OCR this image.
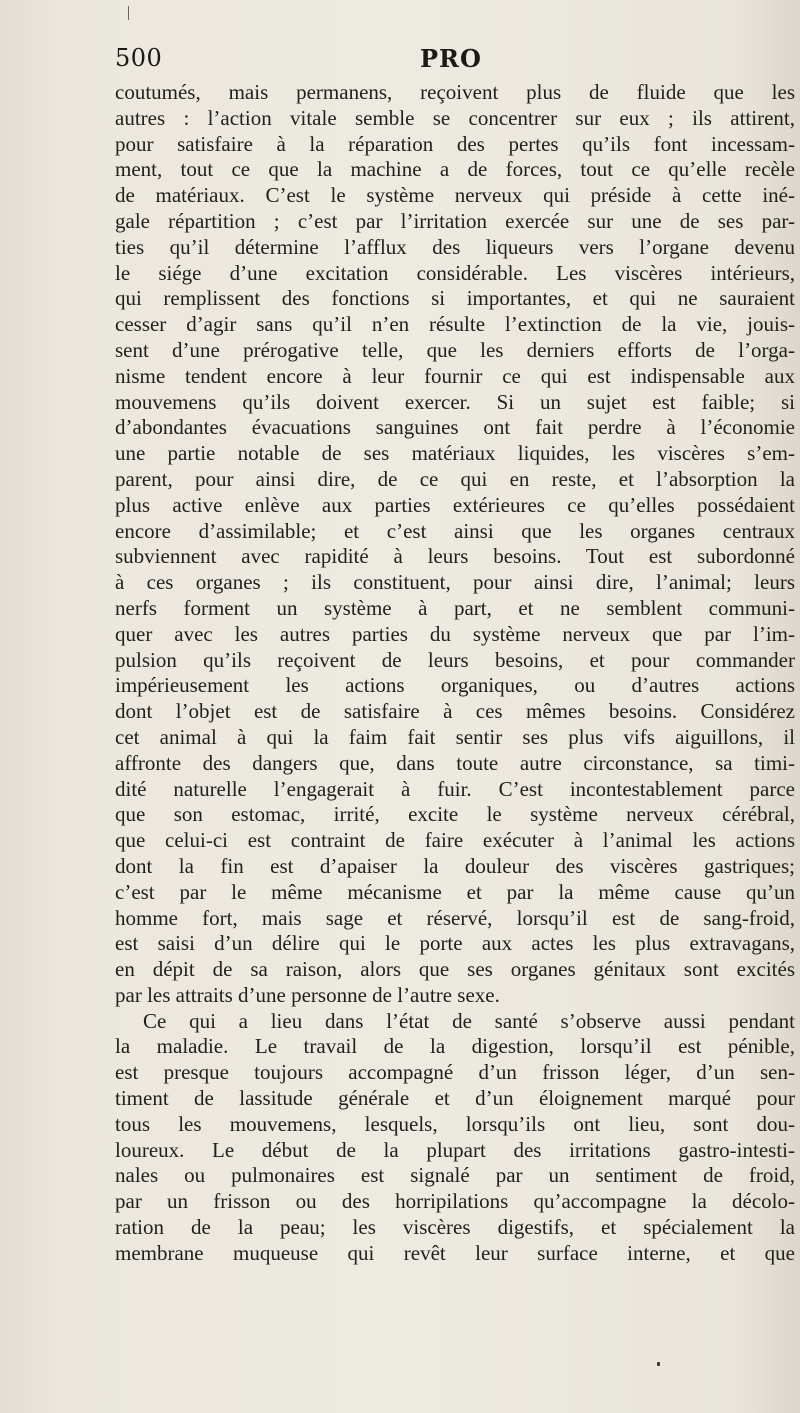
500	PRO
coutumés, mais permanens, reçoivent plus de fluide que les
autres : l’action vitale semble se concentrer sur eux ; ils attirent,
pour satisfaire à la réparation des pertes qu’ils font incessam-
ment, tout ce que la machine a de forces, tout ce qu’elle recèle
de matériaux. C’est le système nerveux qui préside à cette iné-
gale répartition ; c’est par l’irritation exercée sur une de ses par-
ties qu’il détermine l’afflux des liqueurs vers l’organe devenu
le siége d’une excitation considérable. Les viscères intérieurs,
qui remplissent des fonctions si importantes, et qui ne sauraient
cesser d’agir sans qu’il n’en résulte l’extinction de la vie, jouis-
sent d’une prérogative telle, que les derniers efforts de l’orga-
nisme tendent encore à leur fournir ce qui est indispensable aux
mouvemens qu’ils doivent exercer. Si un sujet est faible; si
d’abondantes évacuations sanguines ont fait perdre à l’économie
une partie notable de ses matériaux liquides, les viscères s’em-
parent, pour ainsi dire, de ce qui en reste, et l’absorption la
plus active enlève aux parties extérieures ce qu’elles possédaient
encore d’assimilable; et c’est ainsi que les organes centraux
subviennent avec rapidité à leurs besoins. Tout est subordonné
à ces organes ; ils constituent, pour ainsi dire, l’animal; leurs
nerfs forment un système à part, et ne semblent communi-
quer avec les autres parties du système nerveux que par l’im-
pulsion qu’ils reçoivent de leurs besoins, et pour commander
impérieusement les actions organiques, ou d’autres actions
dont l’objet est de satisfaire à ces mêmes besoins. Considérez
cet animal à qui la faim fait sentir ses plus vifs aiguillons, il
affronte des dangers que, dans toute autre circonstance, sa timi-
dité naturelle l’engagerait à fuir. C’est incontestablement parce
que son estomac, irrité, excite le système nerveux cérébral,
que celui-ci est contraint de faire exécuter à l’animal les actions
dont la fin est d’apaiser la douleur des viscères gastriques;
c’est par le même mécanisme et par la même cause qu’un
homme fort, mais sage et réservé, lorsqu’il est de sang-froid,
est saisi d’un délire qui le porte aux actes les plus extravagans,
en dépit de sa raison, alors que ses organes génitaux sont excités
par les attraits d’une personne de l’autre sexe.
Ce qui a lieu dans l’état de santé s’observe aussi pendant
la maladie. Le travail de la digestion, lorsqu’il est pénible,
est presque toujours accompagné d’un frisson léger, d’un sen-
timent de lassitude générale et d’un éloignement marqué pour
tous les mouvemens, lesquels, lorsqu’ils ont lieu, sont dou-
loureux. Le début de la plupart des irritations gastro-intesti-
nales ou pulmonaires est signalé par un sentiment de froid,
par un frisson ou des horripilations qu’accompagne la décolo-
ration de la peau; les viscères digestifs, et spécialement la
membrane muqueuse qui revêt leur surface interne, et que
